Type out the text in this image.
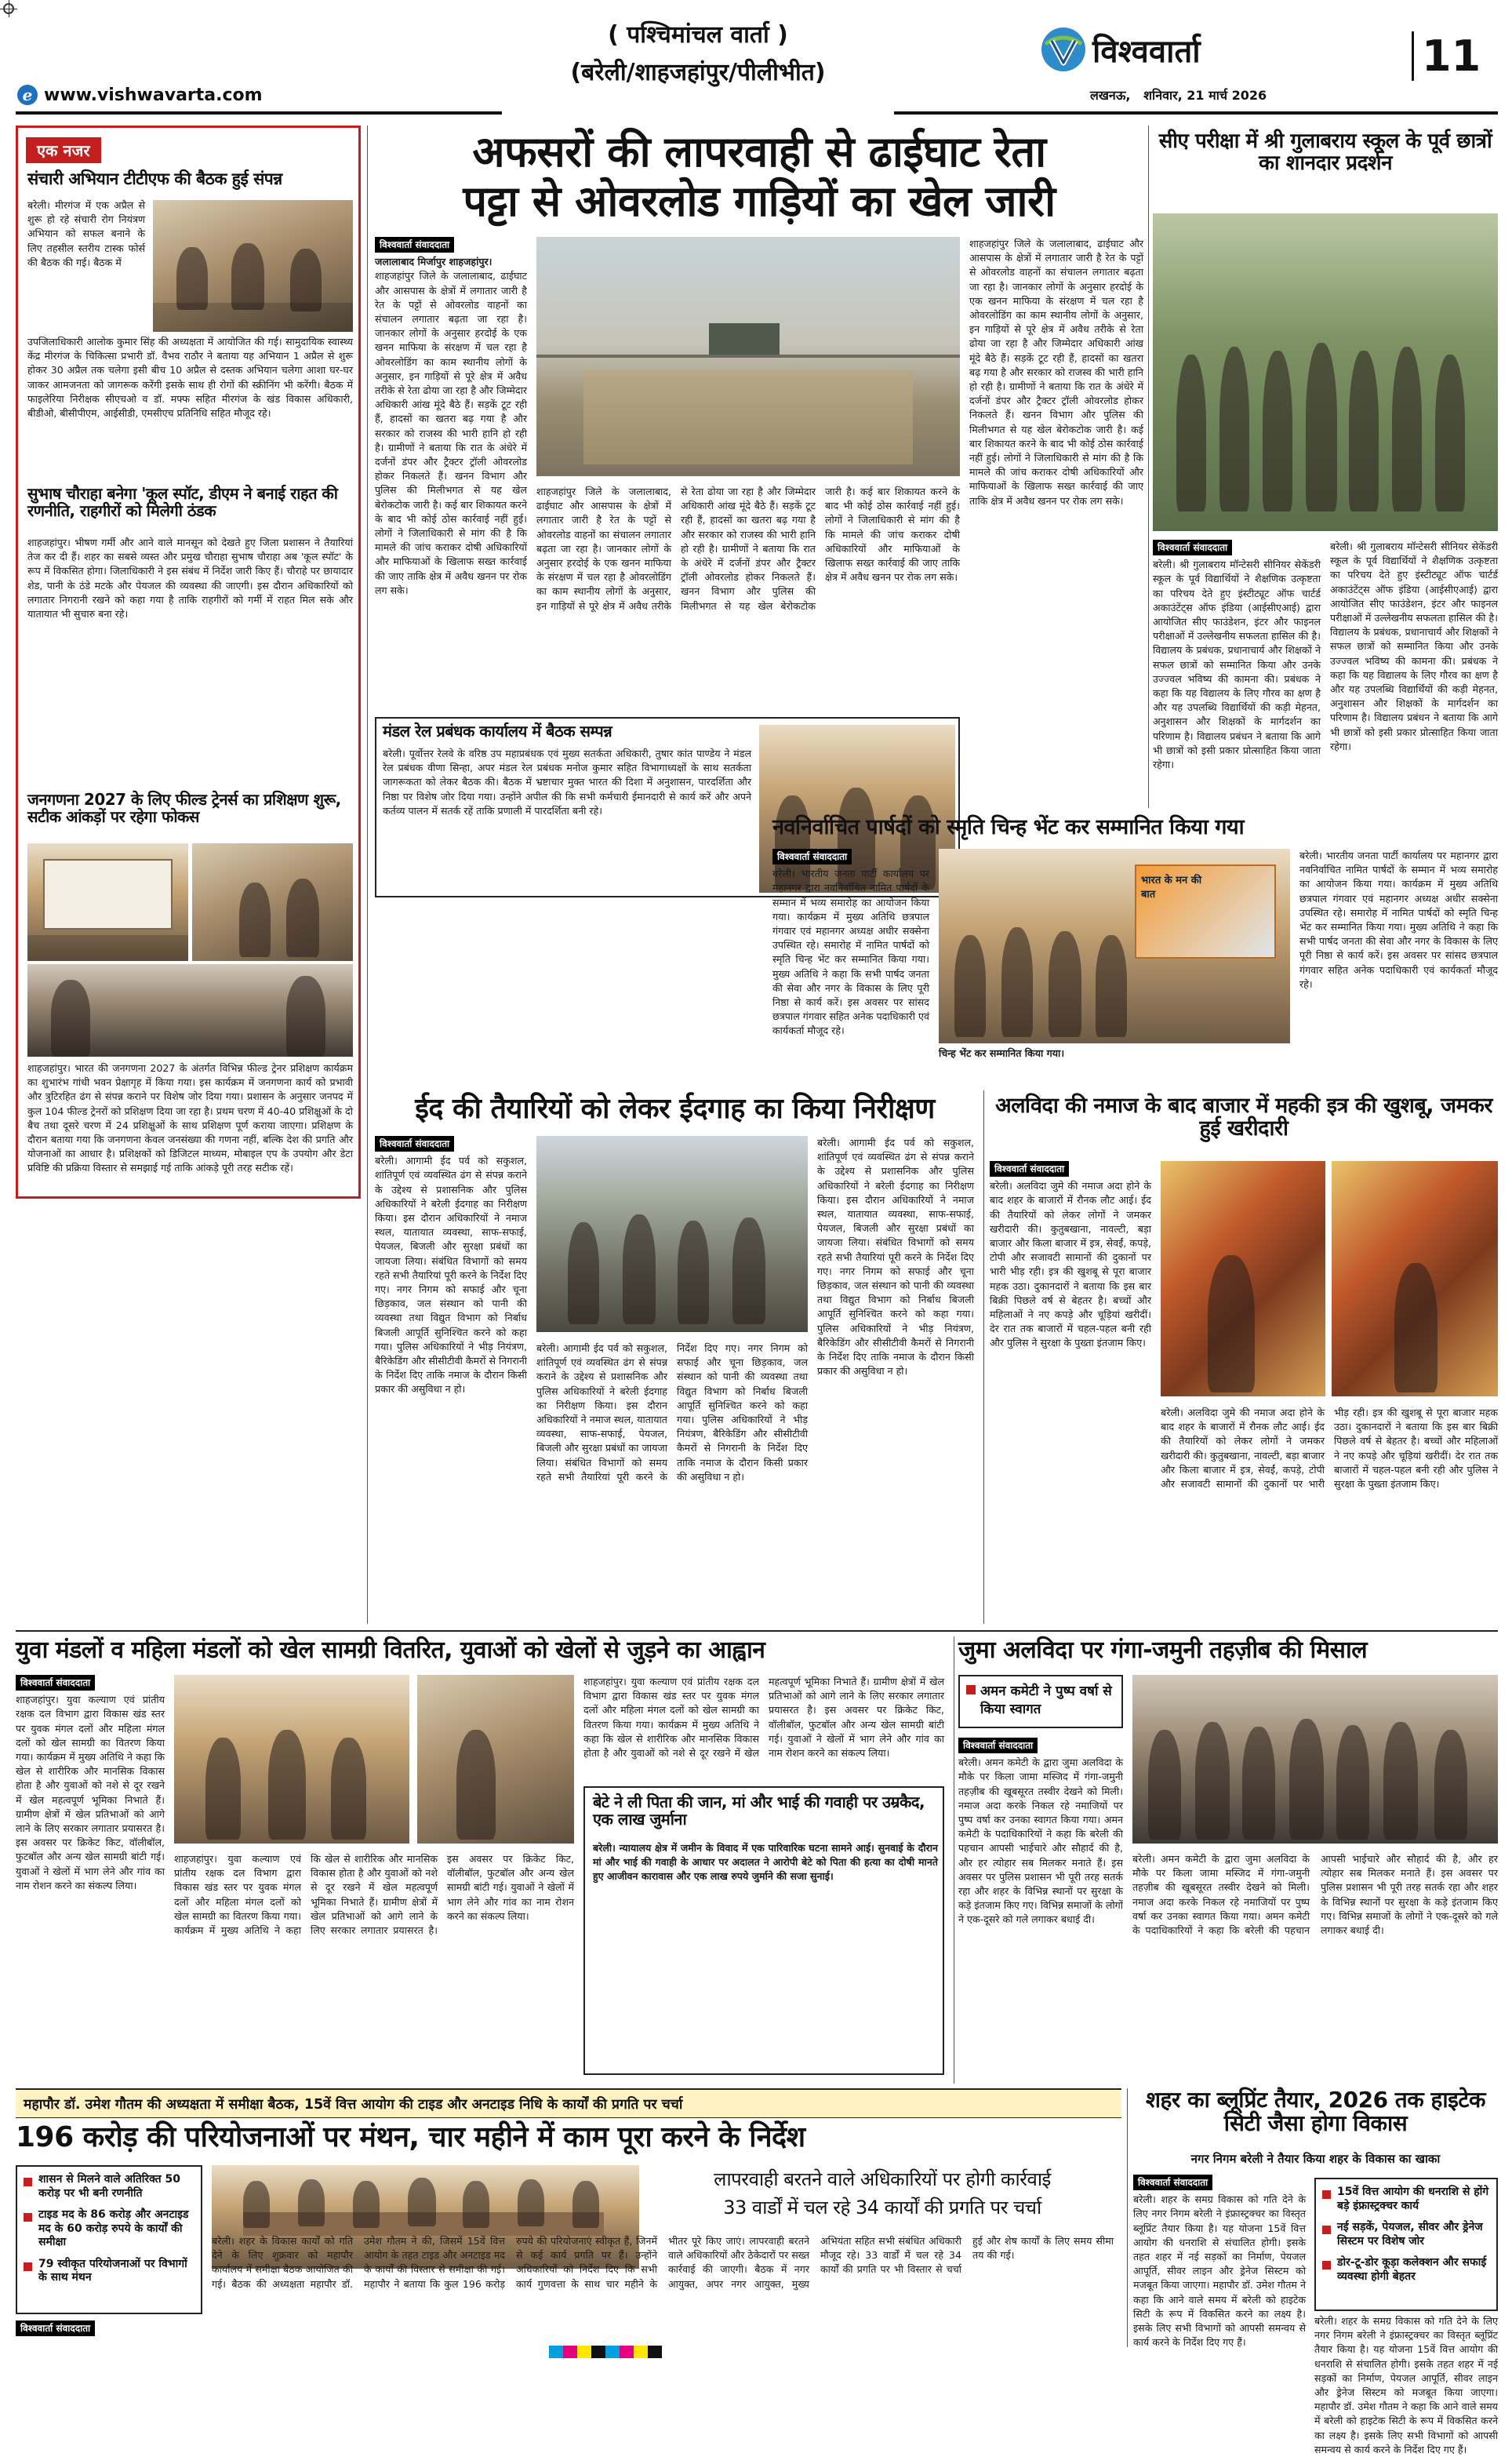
( पश्चिमांचल वार्ता )
(बरेली/शाहजहांपुर/पीलीभीत)
e www.vishwavarta.com
विश्ववार्ता
लखनऊ,   शनिवार, 21 मार्च 2026
11
एक नजर
संचारी अभियान टीटीएफ की बैठक हुई संपन्न
बरेली। मीरगंज में एक अप्रैल से शुरू हो रहे संचारी रोग नियंत्रण अभियान को सफल बनाने के लिए तहसील स्तरीय टास्क फोर्स की बैठक की गई। बैठक में
उपजिलाधिकारी आलोक कुमार सिंह की अध्यक्षता में आयोजित की गई। सामुदायिक स्वास्थ्य केंद्र मीरगंज के चिकित्सा प्रभारी डॉ. वैभव राठौर ने बताया यह अभियान 1 अप्रैल से शुरू होकर 30 अप्रैल तक चलेगा इसी बीच 10 अप्रैल से दस्तक अभियान चलेगा आशा घर-घर जाकर आमजनता को जागरूक करेंगी इसके साथ ही रोगों की स्क्रीनिंग भी करेंगी। बैठक में फाइलेरिया निरीक्षक सीएचओ व डॉ. मफ्फ सहित मीरगंज के खंड विकास अधिकारी, बीडीओ, बीसीपीएम, आईसीडी, एमसीएच प्रतिनिधि सहित मौजूद रहे।
सुभाष चौराहा बनेगा 'कूल स्पॉट, डीएम ने बनाई राहत की रणनीति, राहगीरों को मिलेगी ठंडक
शाहजहांपुर। भीषण गर्मी और आने वाले मानसून को देखते हुए जिला प्रशासन ने तैयारियां तेज कर दी हैं। शहर का सबसे व्यस्त और प्रमुख चौराहा सुभाष चौराहा अब 'कूल स्पॉट' के रूप में विकसित होगा। जिलाधिकारी ने इस संबंध में निर्देश जारी किए हैं। चौराहे पर छायादार शेड, पानी के ठंडे मटके और पेयजल की व्यवस्था की जाएगी। इस दौरान अधिकारियों को लगातार निगरानी रखने को कहा गया है ताकि राहगीरों को गर्मी में राहत मिल सके और यातायात भी सुचारु बना रहे।
जनगणना 2027 के लिए फील्ड ट्रेनर्स का प्रशिक्षण शुरू, सटीक आंकड़ों पर रहेगा फोकस
शाहजहांपुर। भारत की जनगणना 2027 के अंतर्गत विभिन्न फील्ड ट्रेनर प्रशिक्षण कार्यक्रम का शुभारंभ गांधी भवन प्रेक्षागृह में किया गया। इस कार्यक्रम में जनगणना कार्य को प्रभावी और त्रुटिरहित ढंग से संपन्न कराने पर विशेष जोर दिया गया। प्रशासन के अनुसार जनपद में कुल 104 फील्ड ट्रेनरों को प्रशिक्षण दिया जा रहा है। प्रथम चरण में 40-40 प्रशिक्षुओं के दो बैच तथा दूसरे चरण में 24 प्रशिक्षुओं के साथ प्रशिक्षण पूर्ण कराया जाएगा। प्रशिक्षण के दौरान बताया गया कि जनगणना केवल जनसंख्या की गणना नहीं, बल्कि देश की प्रगति और योजनाओं का आधार है। प्रशिक्षकों को डिजिटल माध्यम, मोबाइल एप के उपयोग और डेटा प्रविष्टि की प्रक्रिया विस्तार से समझाई गई ताकि आंकड़े पूरी तरह सटीक रहें।
अफसरों की लापरवाही से ढाईघाट रेता
पट्टा से ओवरलोड गाड़ियों का खेल जारी
विश्ववार्ता संवाददाता
जलालाबाद मिर्जापुर शाहजहांपुर।
शाहजहांपुर जिले के जलालाबाद, ढाईघाट और आसपास के क्षेत्रों में लगातार जारी है रेत के पट्टों से ओवरलोड वाहनों का संचालन लगातार बढ़ता जा रहा है। जानकार लोगों के अनुसार हरदोई के एक खनन माफिया के संरक्षण में चल रहा है ओवरलोडिंग का काम स्थानीय लोगों के अनुसार, इन गाड़ियों से पूरे क्षेत्र में अवैध तरीके से रेता ढोया जा रहा है और जिम्मेदार अधिकारी आंख मूंदे बैठे हैं। सड़कें टूट रही हैं, हादसों का खतरा बढ़ गया है और सरकार को राजस्व की भारी हानि हो रही है। ग्रामीणों ने बताया कि रात के अंधेरे में दर्जनों डंपर और ट्रैक्टर ट्रॉली ओवरलोड होकर निकलते हैं। खनन विभाग और पुलिस की मिलीभगत से यह खेल बेरोकटोक जारी है। कई बार शिकायत करने के बाद भी कोई ठोस कार्रवाई नहीं हुई। लोगों ने जिलाधिकारी से मांग की है कि मामले की जांच कराकर दोषी अधिकारियों और माफियाओं के खिलाफ सख्त कार्रवाई की जाए ताकि क्षेत्र में अवैध खनन पर रोक लग सके।
शाहजहांपुर जिले के जलालाबाद, ढाईघाट और आसपास के क्षेत्रों में लगातार जारी है रेत के पट्टों से ओवरलोड वाहनों का संचालन लगातार बढ़ता जा रहा है। जानकार लोगों के अनुसार हरदोई के एक खनन माफिया के संरक्षण में चल रहा है ओवरलोडिंग का काम स्थानीय लोगों के अनुसार, इन गाड़ियों से पूरे क्षेत्र में अवैध तरीके से रेता ढोया जा रहा है और जिम्मेदार अधिकारी आंख मूंदे बैठे हैं। सड़कें टूट रही हैं, हादसों का खतरा बढ़ गया है और सरकार को राजस्व की भारी हानि हो रही है। ग्रामीणों ने बताया कि रात के अंधेरे में दर्जनों डंपर और ट्रैक्टर ट्रॉली ओवरलोड होकर निकलते हैं। खनन विभाग और पुलिस की मिलीभगत से यह खेल बेरोकटोक जारी है। कई बार शिकायत करने के बाद भी कोई ठोस कार्रवाई नहीं हुई। लोगों ने जिलाधिकारी से मांग की है कि मामले की जांच कराकर दोषी अधिकारियों और माफियाओं के खिलाफ सख्त कार्रवाई की जाए ताकि क्षेत्र में अवैध खनन पर रोक लग सके।
शाहजहांपुर जिले के जलालाबाद, ढाईघाट और आसपास के क्षेत्रों में लगातार जारी है रेत के पट्टों से ओवरलोड वाहनों का संचालन लगातार बढ़ता जा रहा है। जानकार लोगों के अनुसार हरदोई के एक खनन माफिया के संरक्षण में चल रहा है ओवरलोडिंग का काम स्थानीय लोगों के अनुसार, इन गाड़ियों से पूरे क्षेत्र में अवैध तरीके से रेता ढोया जा रहा है और जिम्मेदार अधिकारी आंख मूंदे बैठे हैं। सड़कें टूट रही हैं, हादसों का खतरा बढ़ गया है और सरकार को राजस्व की भारी हानि हो रही है। ग्रामीणों ने बताया कि रात के अंधेरे में दर्जनों डंपर और ट्रैक्टर ट्रॉली ओवरलोड होकर निकलते हैं। खनन विभाग और पुलिस की मिलीभगत से यह खेल बेरोकटोक जारी है। कई बार शिकायत करने के बाद भी कोई ठोस कार्रवाई नहीं हुई। लोगों ने जिलाधिकारी से मांग की है कि मामले की जांच कराकर दोषी अधिकारियों और माफियाओं के खिलाफ सख्त कार्रवाई की जाए ताकि क्षेत्र में अवैध खनन पर रोक लग सके।
मंडल रेल प्रबंधक कार्यालय में बैठक सम्पन्न
बरेली। पूर्वोत्तर रेलवे के वरिष्ठ उप महाप्रबंधक एवं मुख्य सतर्कता अधिकारी, तुषार कांत पाण्डेय ने मंडल रेल प्रबंधक वीणा सिन्हा, अपर मंडल रेल प्रबंधक मनोज कुमार सहित विभागाध्यक्षों के साथ सतर्कता जागरूकता को लेकर बैठक की। बैठक में भ्रष्टाचार मुक्त भारत की दिशा में अनुशासन, पारदर्शिता और निष्ठा पर विशेष जोर दिया गया। उन्होंने अपील की कि सभी कर्मचारी ईमानदारी से कार्य करें और अपने कर्तव्य पालन में सतर्क रहें ताकि प्रणाली में पारदर्शिता बनी रहे।
सीए परीक्षा में श्री गुलाबराय स्कूल के पूर्व छात्रों का शानदार प्रदर्शन
विश्ववार्ता संवाददाता
बरेली। श्री गुलाबराय मॉन्टेसरी सीनियर सेकेंडरी स्कूल के पूर्व विद्यार्थियों ने शैक्षणिक उत्कृष्टता का परिचय देते हुए इंस्टीट्यूट ऑफ चार्टर्ड अकाउंटेंट्स ऑफ इंडिया (आईसीएआई) द्वारा आयोजित सीए फाउंडेशन, इंटर और फाइनल परीक्षाओं में उल्लेखनीय सफलता हासिल की है। विद्यालय के प्रबंधक, प्रधानाचार्य और शिक्षकों ने सफल छात्रों को सम्मानित किया और उनके उज्ज्वल भविष्य की कामना की। प्रबंधक ने कहा कि यह विद्यालय के लिए गौरव का क्षण है और यह उपलब्धि विद्यार्थियों की कड़ी मेहनत, अनुशासन और शिक्षकों के मार्गदर्शन का परिणाम है। विद्यालय प्रबंधन ने बताया कि आगे भी छात्रों को इसी प्रकार प्रोत्साहित किया जाता रहेगा।
बरेली। श्री गुलाबराय मॉन्टेसरी सीनियर सेकेंडरी स्कूल के पूर्व विद्यार्थियों ने शैक्षणिक उत्कृष्टता का परिचय देते हुए इंस्टीट्यूट ऑफ चार्टर्ड अकाउंटेंट्स ऑफ इंडिया (आईसीएआई) द्वारा आयोजित सीए फाउंडेशन, इंटर और फाइनल परीक्षाओं में उल्लेखनीय सफलता हासिल की है। विद्यालय के प्रबंधक, प्रधानाचार्य और शिक्षकों ने सफल छात्रों को सम्मानित किया और उनके उज्ज्वल भविष्य की कामना की। प्रबंधक ने कहा कि यह विद्यालय के लिए गौरव का क्षण है और यह उपलब्धि विद्यार्थियों की कड़ी मेहनत, अनुशासन और शिक्षकों के मार्गदर्शन का परिणाम है। विद्यालय प्रबंधन ने बताया कि आगे भी छात्रों को इसी प्रकार प्रोत्साहित किया जाता रहेगा।
नवनिर्वाचित पार्षदों को स्मृति चिन्ह भेंट कर सम्मानित किया गया
विश्ववार्ता संवाददाता
बरेली। भारतीय जनता पार्टी कार्यालय पर महानगर द्वारा नवनिर्वाचित नामित पार्षदों के सम्मान में भव्य समारोह का आयोजन किया गया। कार्यक्रम में मुख्य अतिथि छत्रपाल गंगवार एवं महानगर अध्यक्ष अधीर सक्सेना उपस्थित रहे। समारोह में नामित पार्षदों को स्मृति चिन्ह भेंट कर सम्मानित किया गया। मुख्य अतिथि ने कहा कि सभी पार्षद जनता की सेवा और नगर के विकास के लिए पूरी निष्ठा से कार्य करें। इस अवसर पर सांसद छत्रपाल गंगवार सहित अनेक पदाधिकारी एवं कार्यकर्ता मौजूद रहे।
भारत के मन की बात
चिन्ह भेंट कर सम्मानित किया गया।
बरेली। भारतीय जनता पार्टी कार्यालय पर महानगर द्वारा नवनिर्वाचित नामित पार्षदों के सम्मान में भव्य समारोह का आयोजन किया गया। कार्यक्रम में मुख्य अतिथि छत्रपाल गंगवार एवं महानगर अध्यक्ष अधीर सक्सेना उपस्थित रहे। समारोह में नामित पार्षदों को स्मृति चिन्ह भेंट कर सम्मानित किया गया। मुख्य अतिथि ने कहा कि सभी पार्षद जनता की सेवा और नगर के विकास के लिए पूरी निष्ठा से कार्य करें। इस अवसर पर सांसद छत्रपाल गंगवार सहित अनेक पदाधिकारी एवं कार्यकर्ता मौजूद रहे।
ईद की तैयारियों को लेकर ईदगाह का किया निरीक्षण
विश्ववार्ता संवाददाता
बरेली। आगामी ईद पर्व को सकुशल, शांतिपूर्ण एवं व्यवस्थित ढंग से संपन्न कराने के उद्देश्य से प्रशासनिक और पुलिस अधिकारियों ने बरेली ईदगाह का निरीक्षण किया। इस दौरान अधिकारियों ने नमाज स्थल, यातायात व्यवस्था, साफ-सफाई, पेयजल, बिजली और सुरक्षा प्रबंधों का जायजा लिया। संबंधित विभागों को समय रहते सभी तैयारियां पूरी करने के निर्देश दिए गए। नगर निगम को सफाई और चूना छिड़काव, जल संस्थान को पानी की व्यवस्था तथा विद्युत विभाग को निर्बाध बिजली आपूर्ति सुनिश्चित करने को कहा गया। पुलिस अधिकारियों ने भीड़ नियंत्रण, बैरिकेडिंग और सीसीटीवी कैमरों से निगरानी के निर्देश दिए ताकि नमाज के दौरान किसी प्रकार की असुविधा न हो।
बरेली। आगामी ईद पर्व को सकुशल, शांतिपूर्ण एवं व्यवस्थित ढंग से संपन्न कराने के उद्देश्य से प्रशासनिक और पुलिस अधिकारियों ने बरेली ईदगाह का निरीक्षण किया। इस दौरान अधिकारियों ने नमाज स्थल, यातायात व्यवस्था, साफ-सफाई, पेयजल, बिजली और सुरक्षा प्रबंधों का जायजा लिया। संबंधित विभागों को समय रहते सभी तैयारियां पूरी करने के निर्देश दिए गए। नगर निगम को सफाई और चूना छिड़काव, जल संस्थान को पानी की व्यवस्था तथा विद्युत विभाग को निर्बाध बिजली आपूर्ति सुनिश्चित करने को कहा गया। पुलिस अधिकारियों ने भीड़ नियंत्रण, बैरिकेडिंग और सीसीटीवी कैमरों से निगरानी के निर्देश दिए ताकि नमाज के दौरान किसी प्रकार की असुविधा न हो।
बरेली। आगामी ईद पर्व को सकुशल, शांतिपूर्ण एवं व्यवस्थित ढंग से संपन्न कराने के उद्देश्य से प्रशासनिक और पुलिस अधिकारियों ने बरेली ईदगाह का निरीक्षण किया। इस दौरान अधिकारियों ने नमाज स्थल, यातायात व्यवस्था, साफ-सफाई, पेयजल, बिजली और सुरक्षा प्रबंधों का जायजा लिया। संबंधित विभागों को समय रहते सभी तैयारियां पूरी करने के निर्देश दिए गए। नगर निगम को सफाई और चूना छिड़काव, जल संस्थान को पानी की व्यवस्था तथा विद्युत विभाग को निर्बाध बिजली आपूर्ति सुनिश्चित करने को कहा गया। पुलिस अधिकारियों ने भीड़ नियंत्रण, बैरिकेडिंग और सीसीटीवी कैमरों से निगरानी के निर्देश दिए ताकि नमाज के दौरान किसी प्रकार की असुविधा न हो।
अलविदा की नमाज के बाद बाजार में महकी इत्र की खुशबू, जमकर हुई खरीदारी
विश्ववार्ता संवाददाता
बरेली। अलविदा जुमे की नमाज अदा होने के बाद शहर के बाजारों में रौनक लौट आई। ईद की तैयारियों को लेकर लोगों ने जमकर खरीदारी की। कुतुबखाना, नावल्टी, बड़ा बाजार और किला बाजार में इत्र, सेवईं, कपड़े, टोपी और सजावटी सामानों की दुकानों पर भारी भीड़ रही। इत्र की खुशबू से पूरा बाजार महक उठा। दुकानदारों ने बताया कि इस बार बिक्री पिछले वर्ष से बेहतर है। बच्चों और महिलाओं ने नए कपड़े और चूड़ियां खरीदीं। देर रात तक बाजारों में चहल-पहल बनी रही और पुलिस ने सुरक्षा के पुख्ता इंतजाम किए।
बरेली। अलविदा जुमे की नमाज अदा होने के बाद शहर के बाजारों में रौनक लौट आई। ईद की तैयारियों को लेकर लोगों ने जमकर खरीदारी की। कुतुबखाना, नावल्टी, बड़ा बाजार और किला बाजार में इत्र, सेवईं, कपड़े, टोपी और सजावटी सामानों की दुकानों पर भारी भीड़ रही। इत्र की खुशबू से पूरा बाजार महक उठा। दुकानदारों ने बताया कि इस बार बिक्री पिछले वर्ष से बेहतर है। बच्चों और महिलाओं ने नए कपड़े और चूड़ियां खरीदीं। देर रात तक बाजारों में चहल-पहल बनी रही और पुलिस ने सुरक्षा के पुख्ता इंतजाम किए।
युवा मंडलों व महिला मंडलों को खेल सामग्री वितरित, युवाओं को खेलों से जुड़ने का आह्वान
विश्ववार्ता संवाददाता
शाहजहांपुर। युवा कल्याण एवं प्रांतीय रक्षक दल विभाग द्वारा विकास खंड स्तर पर युवक मंगल दलों और महिला मंगल दलों को खेल सामग्री का वितरण किया गया। कार्यक्रम में मुख्य अतिथि ने कहा कि खेल से शारीरिक और मानसिक विकास होता है और युवाओं को नशे से दूर रखने में खेल महत्वपूर्ण भूमिका निभाते हैं। ग्रामीण क्षेत्रों में खेल प्रतिभाओं को आगे लाने के लिए सरकार लगातार प्रयासरत है। इस अवसर पर क्रिकेट किट, वॉलीबॉल, फुटबॉल और अन्य खेल सामग्री बांटी गई। युवाओं ने खेलों में भाग लेने और गांव का नाम रोशन करने का संकल्प लिया।
शाहजहांपुर। युवा कल्याण एवं प्रांतीय रक्षक दल विभाग द्वारा विकास खंड स्तर पर युवक मंगल दलों और महिला मंगल दलों को खेल सामग्री का वितरण किया गया। कार्यक्रम में मुख्य अतिथि ने कहा कि खेल से शारीरिक और मानसिक विकास होता है और युवाओं को नशे से दूर रखने में खेल महत्वपूर्ण भूमिका निभाते हैं। ग्रामीण क्षेत्रों में खेल प्रतिभाओं को आगे लाने के लिए सरकार लगातार प्रयासरत है। इस अवसर पर क्रिकेट किट, वॉलीबॉल, फुटबॉल और अन्य खेल सामग्री बांटी गई। युवाओं ने खेलों में भाग लेने और गांव का नाम रोशन करने का संकल्प लिया।
शाहजहांपुर। युवा कल्याण एवं प्रांतीय रक्षक दल विभाग द्वारा विकास खंड स्तर पर युवक मंगल दलों और महिला मंगल दलों को खेल सामग्री का वितरण किया गया। कार्यक्रम में मुख्य अतिथि ने कहा कि खेल से शारीरिक और मानसिक विकास होता है और युवाओं को नशे से दूर रखने में खेल महत्वपूर्ण भूमिका निभाते हैं। ग्रामीण क्षेत्रों में खेल प्रतिभाओं को आगे लाने के लिए सरकार लगातार प्रयासरत है। इस अवसर पर क्रिकेट किट, वॉलीबॉल, फुटबॉल और अन्य खेल सामग्री बांटी गई। युवाओं ने खेलों में भाग लेने और गांव का नाम रोशन करने का संकल्प लिया।
बेटे ने ली पिता की जान, मां और भाई की गवाही पर उम्रकैद, एक लाख जुर्माना
बरेली। न्यायालय क्षेत्र में जमीन के विवाद में एक पारिवारिक घटना सामने आई। सुनवाई के दौरान मां और भाई की गवाही के आधार पर अदालत ने आरोपी बेटे को पिता की हत्या का दोषी मानते हुए आजीवन कारावास और एक लाख रुपये जुर्माने की सजा सुनाई।
जुमा अलविदा पर गंगा-जमुनी तहज़ीब की मिसाल
अमन कमेटी ने पुष्प वर्षा से किया स्वागत
विश्ववार्ता संवाददाता
बरेली। अमन कमेटी के द्वारा जुमा अलविदा के मौके पर किला जामा मस्जिद में गंगा-जमुनी तहज़ीब की खूबसूरत तस्वीर देखने को मिली। नमाज अदा करके निकल रहे नमाजियों पर पुष्प वर्षा कर उनका स्वागत किया गया। अमन कमेटी के पदाधिकारियों ने कहा कि बरेली की पहचान आपसी भाईचारे और सौहार्द की है, और हर त्योहार सब मिलकर मनाते हैं। इस अवसर पर पुलिस प्रशासन भी पूरी तरह सतर्क रहा और शहर के विभिन्न स्थानों पर सुरक्षा के कड़े इंतजाम किए गए। विभिन्न समाजों के लोगों ने एक-दूसरे को गले लगाकर बधाई दी।
बरेली। अमन कमेटी के द्वारा जुमा अलविदा के मौके पर किला जामा मस्जिद में गंगा-जमुनी तहज़ीब की खूबसूरत तस्वीर देखने को मिली। नमाज अदा करके निकल रहे नमाजियों पर पुष्प वर्षा कर उनका स्वागत किया गया। अमन कमेटी के पदाधिकारियों ने कहा कि बरेली की पहचान आपसी भाईचारे और सौहार्द की है, और हर त्योहार सब मिलकर मनाते हैं। इस अवसर पर पुलिस प्रशासन भी पूरी तरह सतर्क रहा और शहर के विभिन्न स्थानों पर सुरक्षा के कड़े इंतजाम किए गए। विभिन्न समाजों के लोगों ने एक-दूसरे को गले लगाकर बधाई दी।
महापौर डॉ. उमेश गौतम की अध्यक्षता में समीक्षा बैठक, 15वें वित्त आयोग की टाइड और अनटाइड निधि के कार्यों की प्रगति पर चर्चा
196 करोड़ की परियोजनाओं पर मंथन, चार महीने में काम पूरा करने के निर्देश
शासन से मिलने वाले अतिरिक्त 50 करोड़ पर भी बनी रणनीति
टाइड मद के 86 करोड़ और अनटाइड मद के 60 करोड़ रुपये के कार्यों की समीक्षा
79 स्वीकृत परियोजनाओं पर विभागों के साथ मंथन
लापरवाही बरतने वाले अधिकारियों पर होगी कार्रवाई
33 वार्डों में चल रहे 34 कार्यों की प्रगति पर चर्चा
विश्ववार्ता संवाददाता
बरेली। शहर के विकास कार्यों को गति देने के लिए शुक्रवार को महापौर कार्यालय में समीक्षा बैठक आयोजित की गई। बैठक की अध्यक्षता महापौर डॉ. उमेश गौतम ने की, जिसमें 15वें वित्त आयोग के तहत टाइड और अनटाइड मद के कार्यों की विस्तार से समीक्षा की गई। महापौर ने बताया कि कुल 196 करोड़ रुपये की परियोजनाएं स्वीकृत हैं, जिनमें से कई कार्य प्रगति पर हैं। उन्होंने अधिकारियों को निर्देश दिए कि सभी कार्य गुणवत्ता के साथ चार महीने के भीतर पूरे किए जाएं। लापरवाही बरतने वाले अधिकारियों और ठेकेदारों पर सख्त कार्रवाई की जाएगी। बैठक में नगर आयुक्त, अपर नगर आयुक्त, मुख्य अभियंता सहित सभी संबंधित अधिकारी मौजूद रहे। 33 वार्डों में चल रहे 34 कार्यों की प्रगति पर भी विस्तार से चर्चा हुई और शेष कार्यों के लिए समय सीमा तय की गई।
शहर का ब्लूप्रिंट तैयार, 2026 तक हाइटेक सिटी जैसा होगा विकास
नगर निगम बरेली ने तैयार किया शहर के विकास का खाका
विश्ववार्ता संवाददाता
बरेली। शहर के समग्र विकास को गति देने के लिए नगर निगम बरेली ने इंफ्रास्ट्रक्चर का विस्तृत ब्लूप्रिंट तैयार किया है। यह योजना 15वें वित्त आयोग की धनराशि से संचालित होगी। इसके तहत शहर में नई सड़कों का निर्माण, पेयजल आपूर्ति, सीवर लाइन और ड्रेनेज सिस्टम को मजबूत किया जाएगा। महापौर डॉ. उमेश गौतम ने कहा कि आने वाले समय में बरेली को हाइटेक सिटी के रूप में विकसित करने का लक्ष्य है। इसके लिए सभी विभागों को आपसी समन्वय से कार्य करने के निर्देश दिए गए हैं।
15वें वित्त आयोग की धनराशि से होंगे बड़े इंफ्रास्ट्रक्चर कार्य
नई सड़कें, पेयजल, सीवर और ड्रेनेज सिस्टम पर विशेष जोर
डोर-टू-डोर कूड़ा कलेक्शन और सफाई व्यवस्था होगी बेहतर
बरेली। शहर के समग्र विकास को गति देने के लिए नगर निगम बरेली ने इंफ्रास्ट्रक्चर का विस्तृत ब्लूप्रिंट तैयार किया है। यह योजना 15वें वित्त आयोग की धनराशि से संचालित होगी। इसके तहत शहर में नई सड़कों का निर्माण, पेयजल आपूर्ति, सीवर लाइन और ड्रेनेज सिस्टम को मजबूत किया जाएगा। महापौर डॉ. उमेश गौतम ने कहा कि आने वाले समय में बरेली को हाइटेक सिटी के रूप में विकसित करने का लक्ष्य है। इसके लिए सभी विभागों को आपसी समन्वय से कार्य करने के निर्देश दिए गए हैं।
